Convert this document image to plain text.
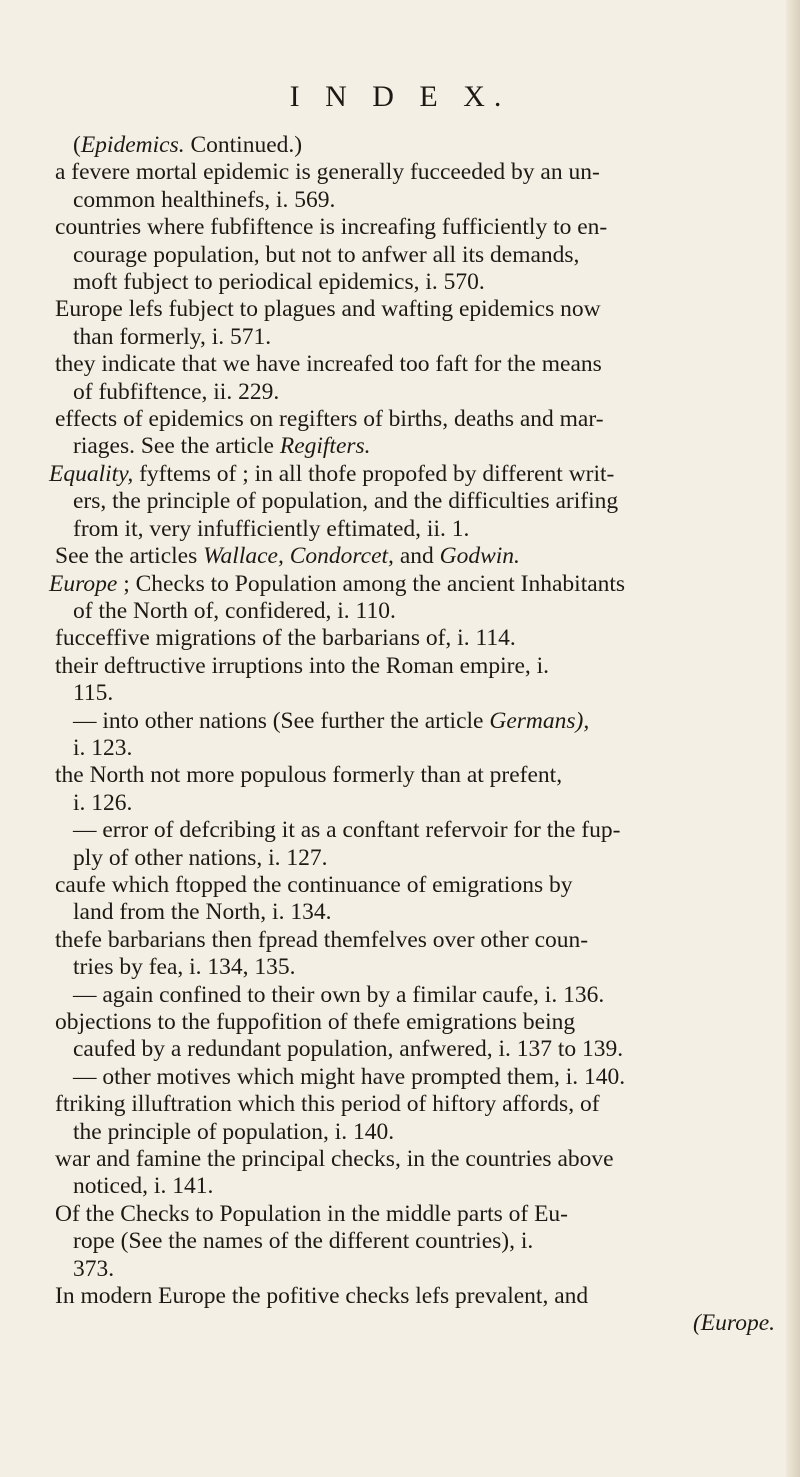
I N D E X.
(Epidemics. Continued.)
a fevere mortal epidemic is generally fucceeded by an un-
common healthinefs, i. 569.
countries where fubfiftence is increafing fufficiently to en-
courage population, but not to anfwer all its demands,
moft fubject to periodical epidemics, i. 570.
Europe lefs fubject to plagues and wafting epidemics now
than formerly, i. 571.
they indicate that we have increafed too faft for the means
of fubfiftence, ii. 229.
effects of epidemics on regifters of births, deaths and mar-
riages. See the article Regifters.
Equality, fyftems of ; in all thofe propofed by different writ-
ers, the principle of population, and the difficulties arifing
from it, very infufficiently eftimated, ii. 1.
See the articles Wallace, Condorcet, and Godwin.
Europe ; Checks to Population among the ancient Inhabitants
of the North of, confidered, i. 110.
fucceffive migrations of the barbarians of, i. 114.
their deftructive irruptions into the Roman empire, i.
115.
— into other nations (See further the article Germans),
i. 123.
the North not more populous formerly than at prefent,
i. 126.
— error of defcribing it as a conftant refervoir for the fup-
ply of other nations, i. 127.
caufe which ftopped the continuance of emigrations by
land from the North, i. 134.
thefe barbarians then fpread themfelves over other coun-
tries by fea, i. 134, 135.
— again confined to their own by a fimilar caufe, i. 136.
objections to the fuppofition of thefe emigrations being
caufed by a redundant population, anfwered, i. 137 to 139.
— other motives which might have prompted them, i. 140.
ftriking illuftration which this period of hiftory affords, of
the principle of population, i. 140.
war and famine the principal checks, in the countries above
noticed, i. 141.
Of the Checks to Population in the middle parts of Eu-
rope (See the names of the different countries), i.
373.
In modern Europe the pofitive checks lefs prevalent, and
(Europe.
